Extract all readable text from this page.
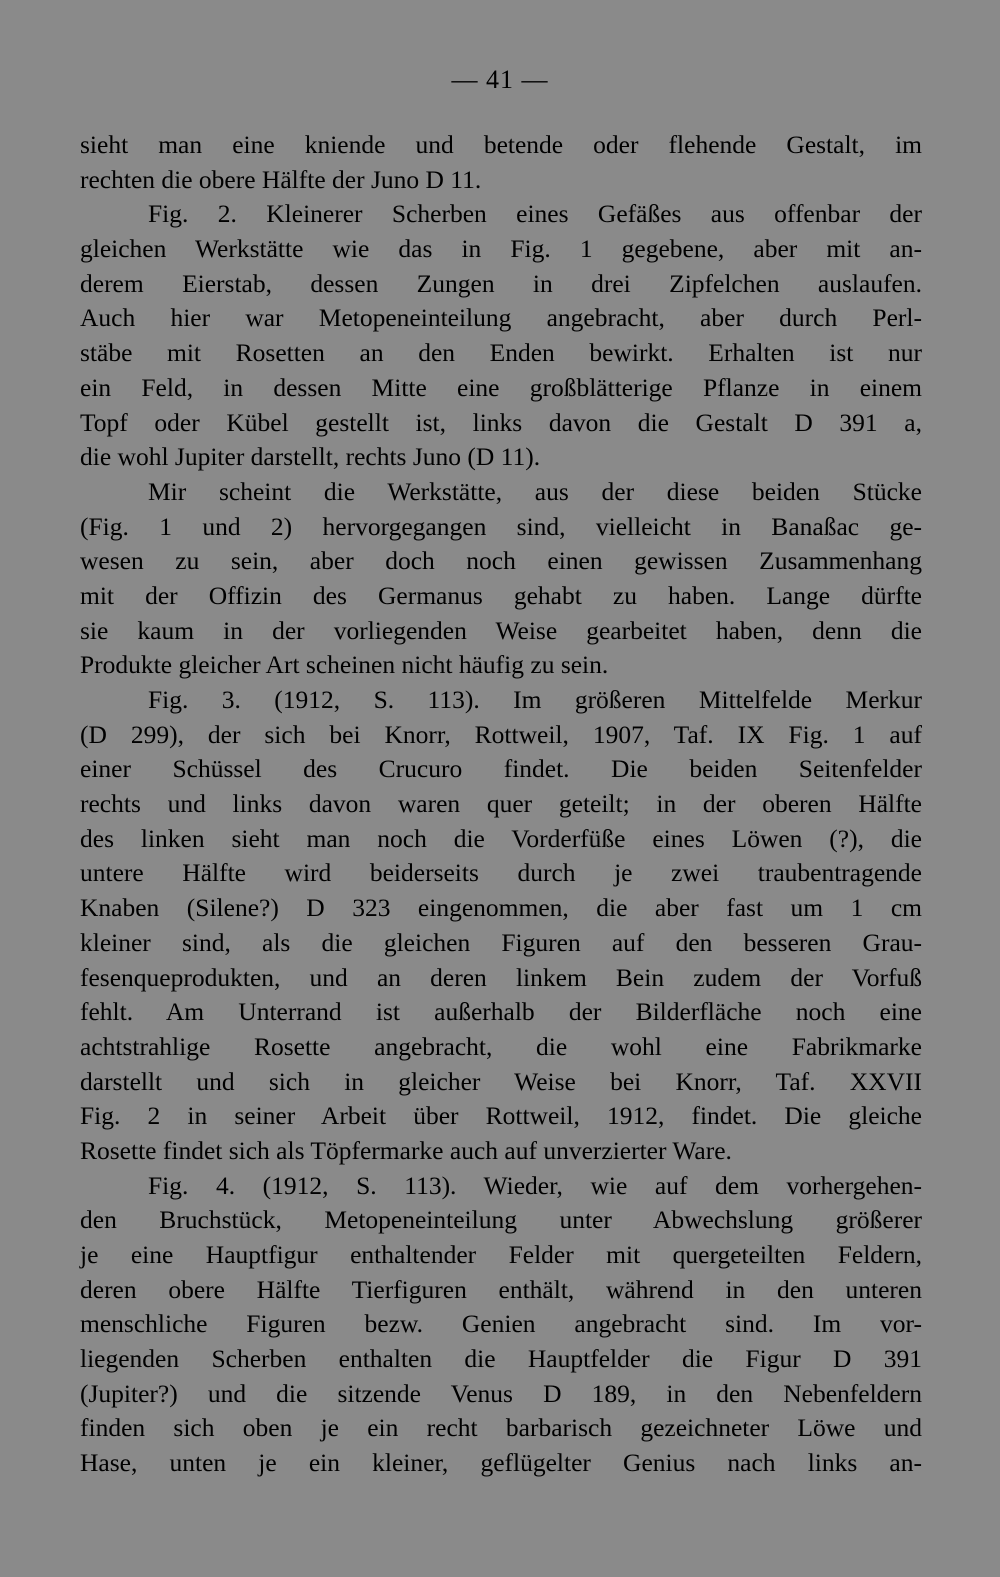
— 41 —
sieht man eine kniende und betende oder flehende Gestalt, im
rechten die obere Hälfte der Juno D 11.
Fig. 2. Kleinerer Scherben eines Gefäßes aus offenbar der
gleichen Werkstätte wie das in Fig. 1 gegebene, aber mit an-
derem Eierstab, dessen Zungen in drei Zipfelchen auslaufen.
Auch hier war Metopeneinteilung angebracht, aber durch Perl-
stäbe mit Rosetten an den Enden bewirkt. Erhalten ist nur
ein Feld, in dessen Mitte eine großblätterige Pflanze in einem
Topf oder Kübel gestellt ist, links davon die Gestalt D 391 a,
die wohl Jupiter darstellt, rechts Juno (D 11).
Mir scheint die Werkstätte, aus der diese beiden Stücke
(Fig. 1 und 2) hervorgegangen sind, vielleicht in Banaßac ge-
wesen zu sein, aber doch noch einen gewissen Zusammenhang
mit der Offizin des Germanus gehabt zu haben. Lange dürfte
sie kaum in der vorliegenden Weise gearbeitet haben, denn die
Produkte gleicher Art scheinen nicht häufig zu sein.
Fig. 3. (1912, S. 113). Im größeren Mittelfelde Merkur
(D 299), der sich bei Knorr, Rottweil, 1907, Taf. IX Fig. 1 auf
einer Schüssel des Crucuro findet. Die beiden Seitenfelder
rechts und links davon waren quer geteilt; in der oberen Hälfte
des linken sieht man noch die Vorderfüße eines Löwen (?), die
untere Hälfte wird beiderseits durch je zwei traubentragende
Knaben (Silene?) D 323 eingenommen, die aber fast um 1 cm
kleiner sind, als die gleichen Figuren auf den besseren Grau-
fesenqueprodukten, und an deren linkem Bein zudem der Vorfuß
fehlt. Am Unterrand ist außerhalb der Bilderfläche noch eine
achtstrahlige Rosette angebracht, die wohl eine Fabrikmarke
darstellt und sich in gleicher Weise bei Knorr, Taf. XXVII
Fig. 2 in seiner Arbeit über Rottweil, 1912, findet. Die gleiche
Rosette findet sich als Töpfermarke auch auf unverzierter Ware.
Fig. 4. (1912, S. 113). Wieder, wie auf dem vorhergehen-
den Bruchstück, Metopeneinteilung unter Abwechslung größerer
je eine Hauptfigur enthaltender Felder mit quergeteilten Feldern,
deren obere Hälfte Tierfiguren enthält, während in den unteren
menschliche Figuren bezw. Genien angebracht sind. Im vor-
liegenden Scherben enthalten die Hauptfelder die Figur D 391
(Jupiter?) und die sitzende Venus D 189, in den Nebenfeldern
finden sich oben je ein recht barbarisch gezeichneter Löwe und
Hase, unten je ein kleiner, geflügelter Genius nach links an-
